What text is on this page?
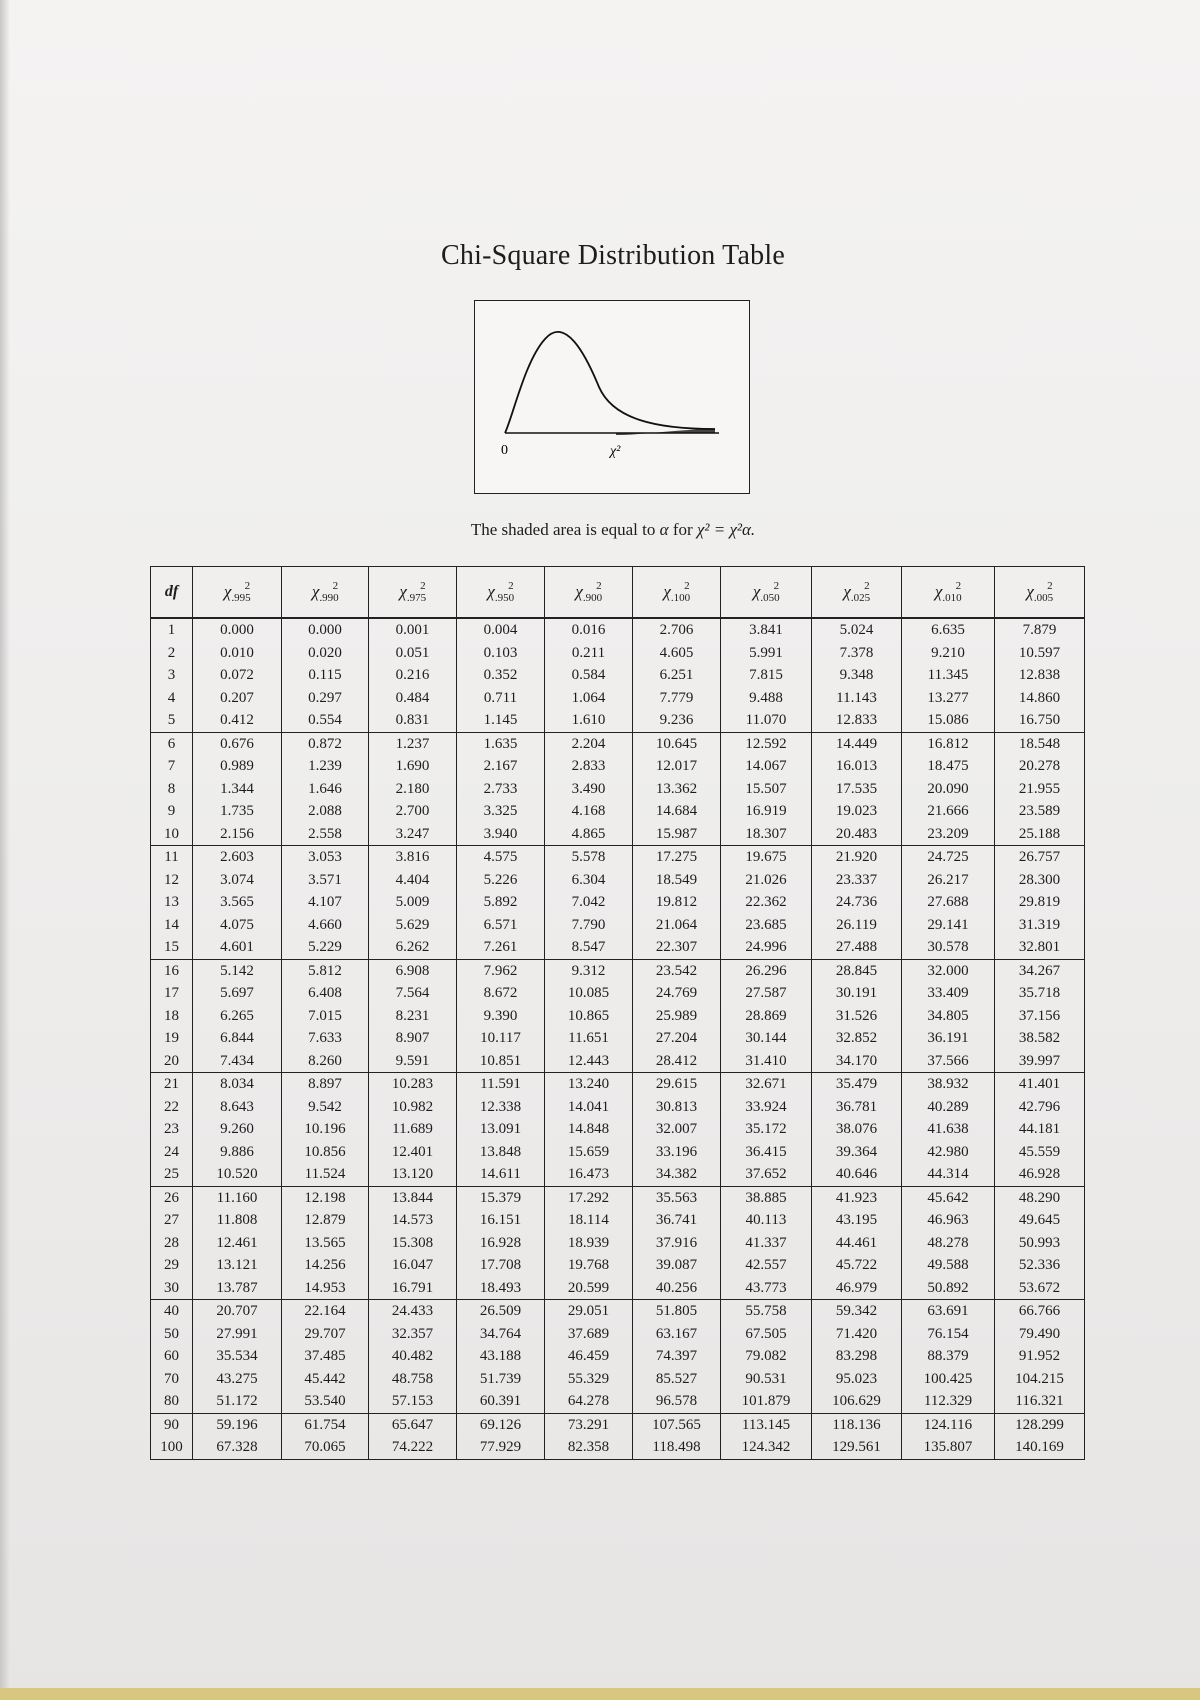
Chi-Square Distribution Table
0	χ²
The shaded area is equal to α for χ² = χ²α.
df	$\chi_{.995}^2$	$\chi_{.990}^2$	$\chi_{.975}^2$	$\chi_{.950}^2$	$\chi_{.900}^2$	$\chi_{.100}^2$	$\chi_{.050}^2$	$\chi_{.025}^2$	$\chi_{.010}^2$	$\chi_{.005}^2$
1	0.000	0.000	0.001	0.004	0.016	2.706	3.841	5.024	6.635	7.879
2	0.010	0.020	0.051	0.103	0.211	4.605	5.991	7.378	9.210	10.597
3	0.072	0.115	0.216	0.352	0.584	6.251	7.815	9.348	11.345	12.838
4	0.207	0.297	0.484	0.711	1.064	7.779	9.488	11.143	13.277	14.860
5	0.412	0.554	0.831	1.145	1.610	9.236	11.070	12.833	15.086	16.750
6	0.676	0.872	1.237	1.635	2.204	10.645	12.592	14.449	16.812	18.548
7	0.989	1.239	1.690	2.167	2.833	12.017	14.067	16.013	18.475	20.278
8	1.344	1.646	2.180	2.733	3.490	13.362	15.507	17.535	20.090	21.955
9	1.735	2.088	2.700	3.325	4.168	14.684	16.919	19.023	21.666	23.589
10	2.156	2.558	3.247	3.940	4.865	15.987	18.307	20.483	23.209	25.188
11	2.603	3.053	3.816	4.575	5.578	17.275	19.675	21.920	24.725	26.757
12	3.074	3.571	4.404	5.226	6.304	18.549	21.026	23.337	26.217	28.300
13	3.565	4.107	5.009	5.892	7.042	19.812	22.362	24.736	27.688	29.819
14	4.075	4.660	5.629	6.571	7.790	21.064	23.685	26.119	29.141	31.319
15	4.601	5.229	6.262	7.261	8.547	22.307	24.996	27.488	30.578	32.801
16	5.142	5.812	6.908	7.962	9.312	23.542	26.296	28.845	32.000	34.267
17	5.697	6.408	7.564	8.672	10.085	24.769	27.587	30.191	33.409	35.718
18	6.265	7.015	8.231	9.390	10.865	25.989	28.869	31.526	34.805	37.156
19	6.844	7.633	8.907	10.117	11.651	27.204	30.144	32.852	36.191	38.582
20	7.434	8.260	9.591	10.851	12.443	28.412	31.410	34.170	37.566	39.997
21	8.034	8.897	10.283	11.591	13.240	29.615	32.671	35.479	38.932	41.401
22	8.643	9.542	10.982	12.338	14.041	30.813	33.924	36.781	40.289	42.796
23	9.260	10.196	11.689	13.091	14.848	32.007	35.172	38.076	41.638	44.181
24	9.886	10.856	12.401	13.848	15.659	33.196	36.415	39.364	42.980	45.559
25	10.520	11.524	13.120	14.611	16.473	34.382	37.652	40.646	44.314	46.928
26	11.160	12.198	13.844	15.379	17.292	35.563	38.885	41.923	45.642	48.290
27	11.808	12.879	14.573	16.151	18.114	36.741	40.113	43.195	46.963	49.645
28	12.461	13.565	15.308	16.928	18.939	37.916	41.337	44.461	48.278	50.993
29	13.121	14.256	16.047	17.708	19.768	39.087	42.557	45.722	49.588	52.336
30	13.787	14.953	16.791	18.493	20.599	40.256	43.773	46.979	50.892	53.672
40	20.707	22.164	24.433	26.509	29.051	51.805	55.758	59.342	63.691	66.766
50	27.991	29.707	32.357	34.764	37.689	63.167	67.505	71.420	76.154	79.490
60	35.534	37.485	40.482	43.188	46.459	74.397	79.082	83.298	88.379	91.952
70	43.275	45.442	48.758	51.739	55.329	85.527	90.531	95.023	100.425	104.215
80	51.172	53.540	57.153	60.391	64.278	96.578	101.879	106.629	112.329	116.321
90	59.196	61.754	65.647	69.126	73.291	107.565	113.145	118.136	124.116	128.299
100	67.328	70.065	74.222	77.929	82.358	118.498	124.342	129.561	135.807	140.169
